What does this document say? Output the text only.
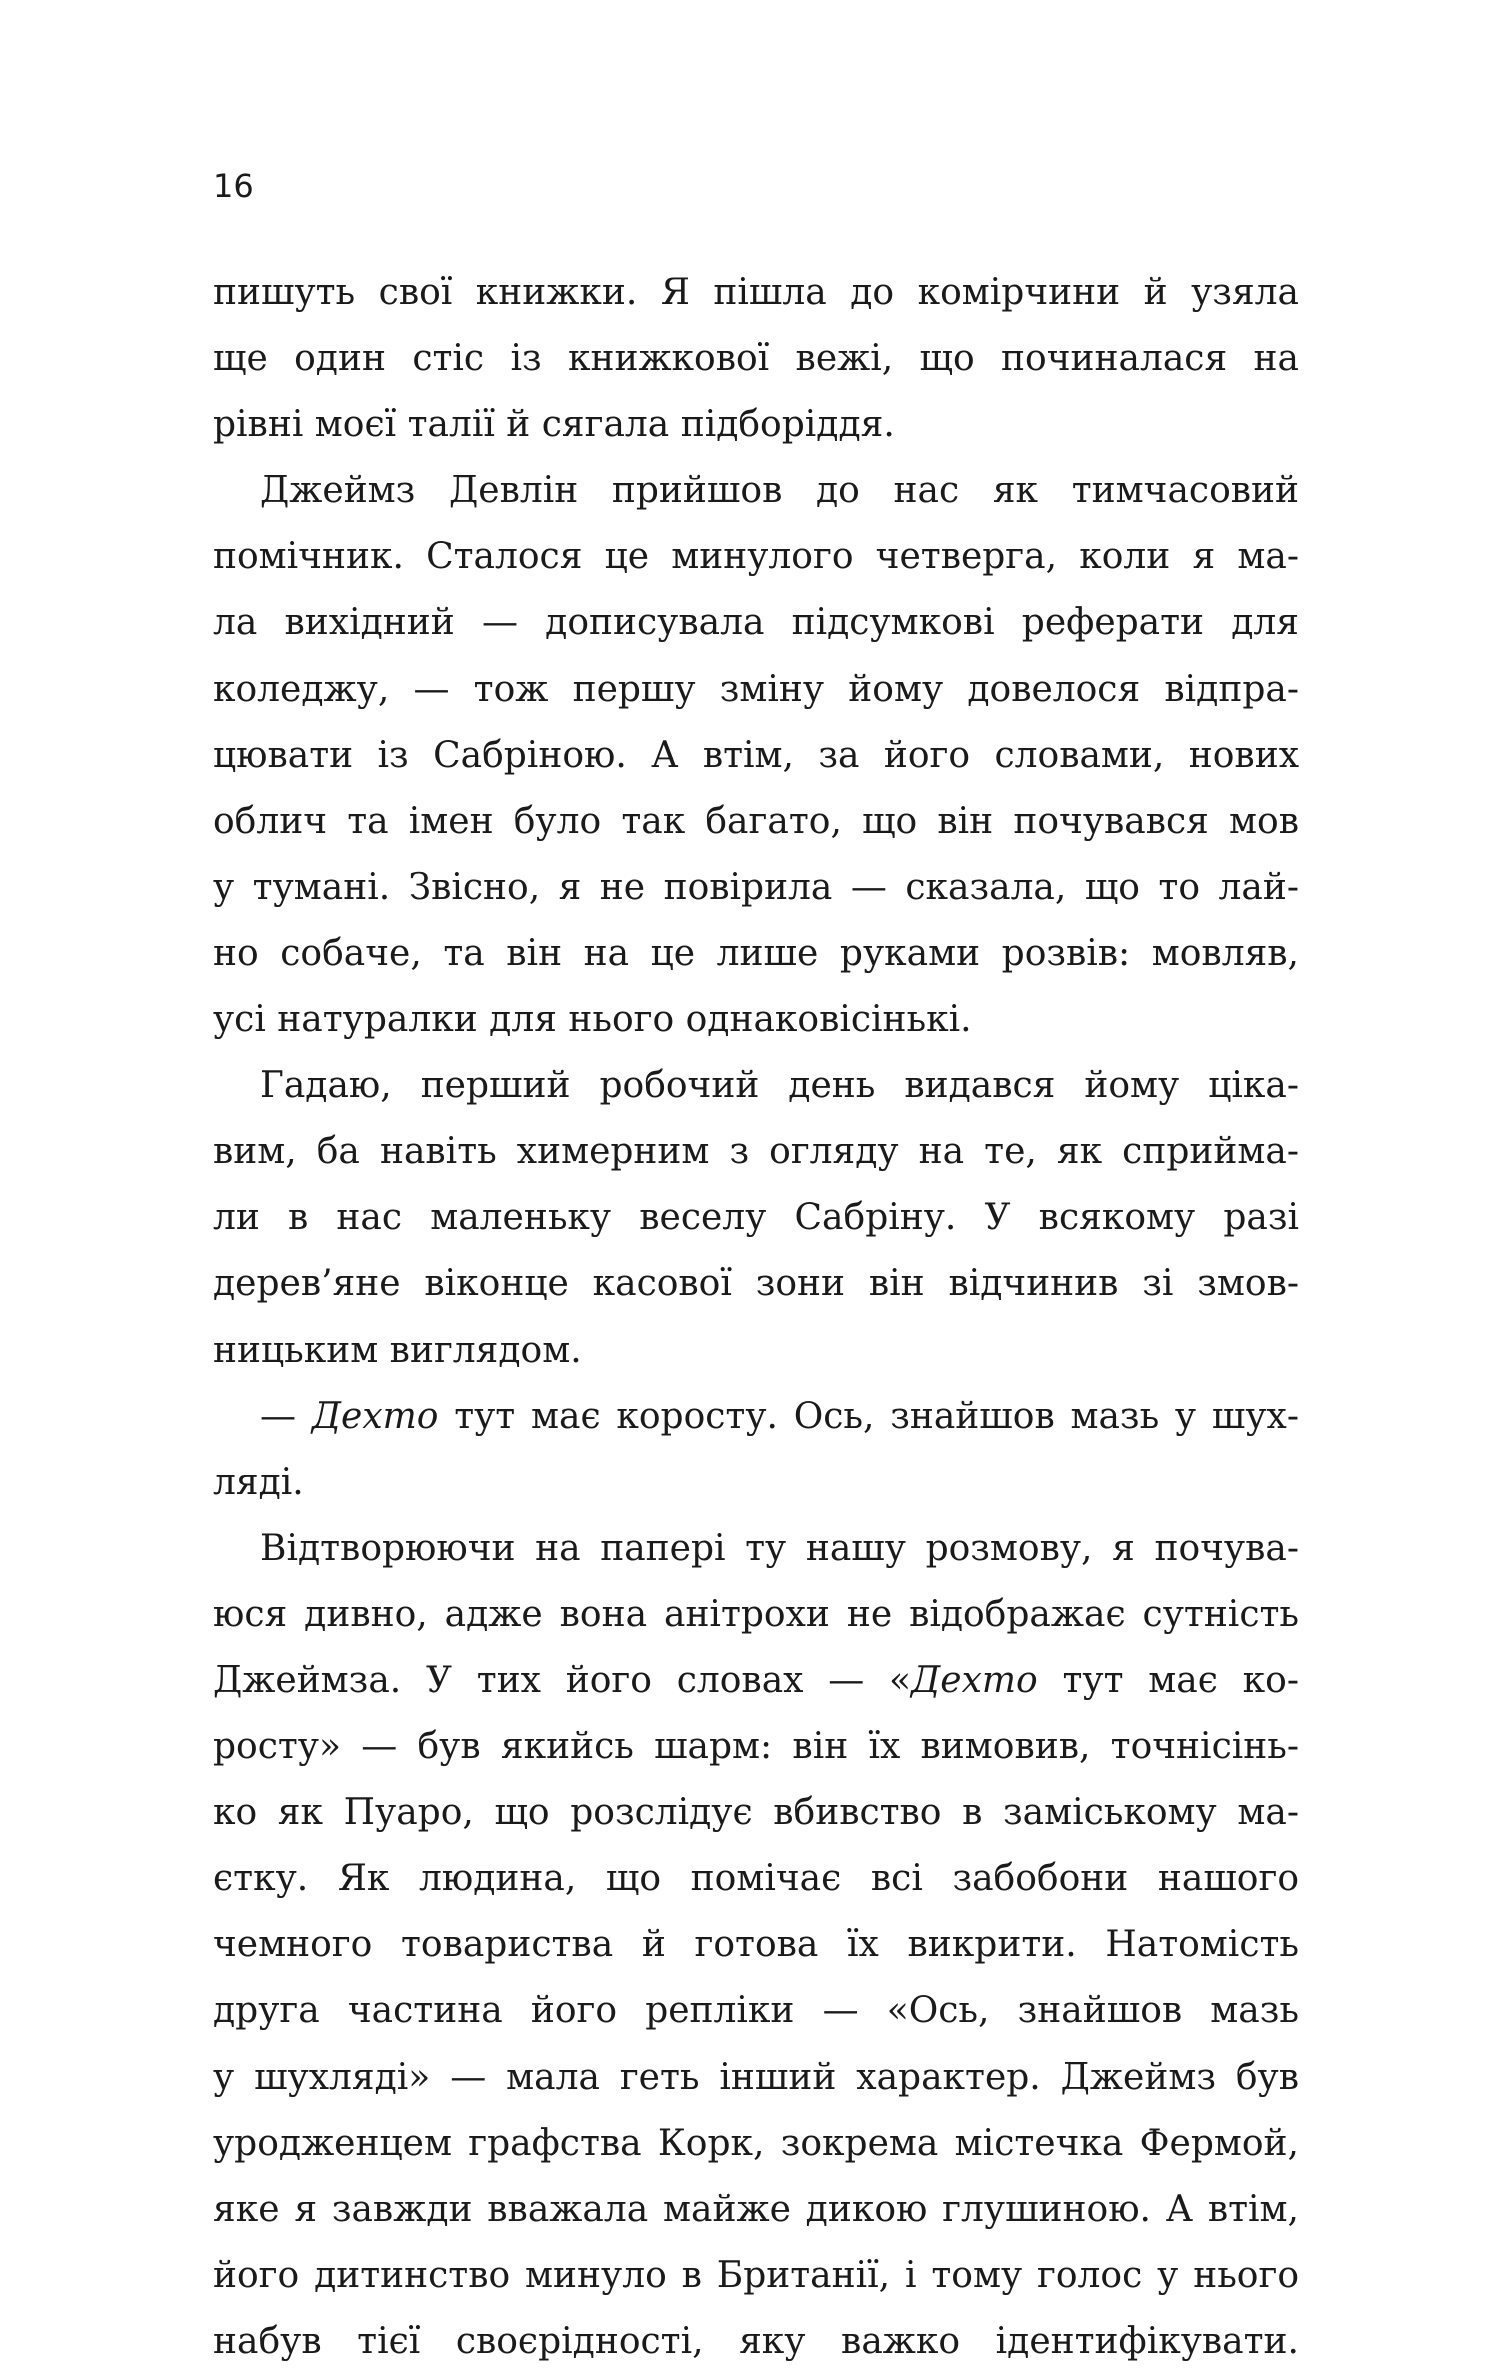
16
пишуть свої книжки. Я пішла до комірчини й узяла
ще один стіс із книжкової вежі, що починалася на
рівні моєї талії й сягала підборіддя.
Джеймз Девлін прийшов до нас як тимчасовий
помічник. Сталося це минулого четверга, коли я ма-
ла вихідний — дописувала підсумкові реферати для
коледжу, — тож першу зміну йому довелося відпра-
цювати із Сабріною. А втім, за його словами, нових
облич та імен було так багато, що він почувався мов
у тумані. Звісно, я не повірила — сказала, що то лай-
но собаче, та він на це лише руками розвів: мовляв,
усі натуралки для нього однаковісінькі.
Гадаю, перший робочий день видався йому ціка-
вим, ба навіть химерним з огляду на те, як сприйма-
ли в нас маленьку веселу Сабріну. У всякому разі
дерев’яне віконце касової зони він відчинив зі змов-
ницьким виглядом.
— Дехто тут має коросту. Ось, знайшов мазь у шух-
ляді.
Відтворюючи на папері ту нашу розмову, я почува-
юся дивно, адже вона анітрохи не відображає сутність
Джеймза. У тих його словах — «Дехто тут має ко-
росту» — був якийсь шарм: він їх вимовив, точнісінь-
ко як Пуаро, що розслідує вбивство в заміському ма-
єтку. Як людина, що помічає всі забобони нашого
чемного товариства й готова їх викрити. Натомість
друга частина його репліки — «Ось, знайшов мазь
у шухляді» — мала геть інший характер. Джеймз був
уродженцем графства Корк, зокрема містечка Фермой,
яке я завжди вважала майже дикою глушиною. А втім,
його дитинство минуло в Британії, і тому голос у нього
набув тієї своєрідності, яку важко ідентифікувати.
